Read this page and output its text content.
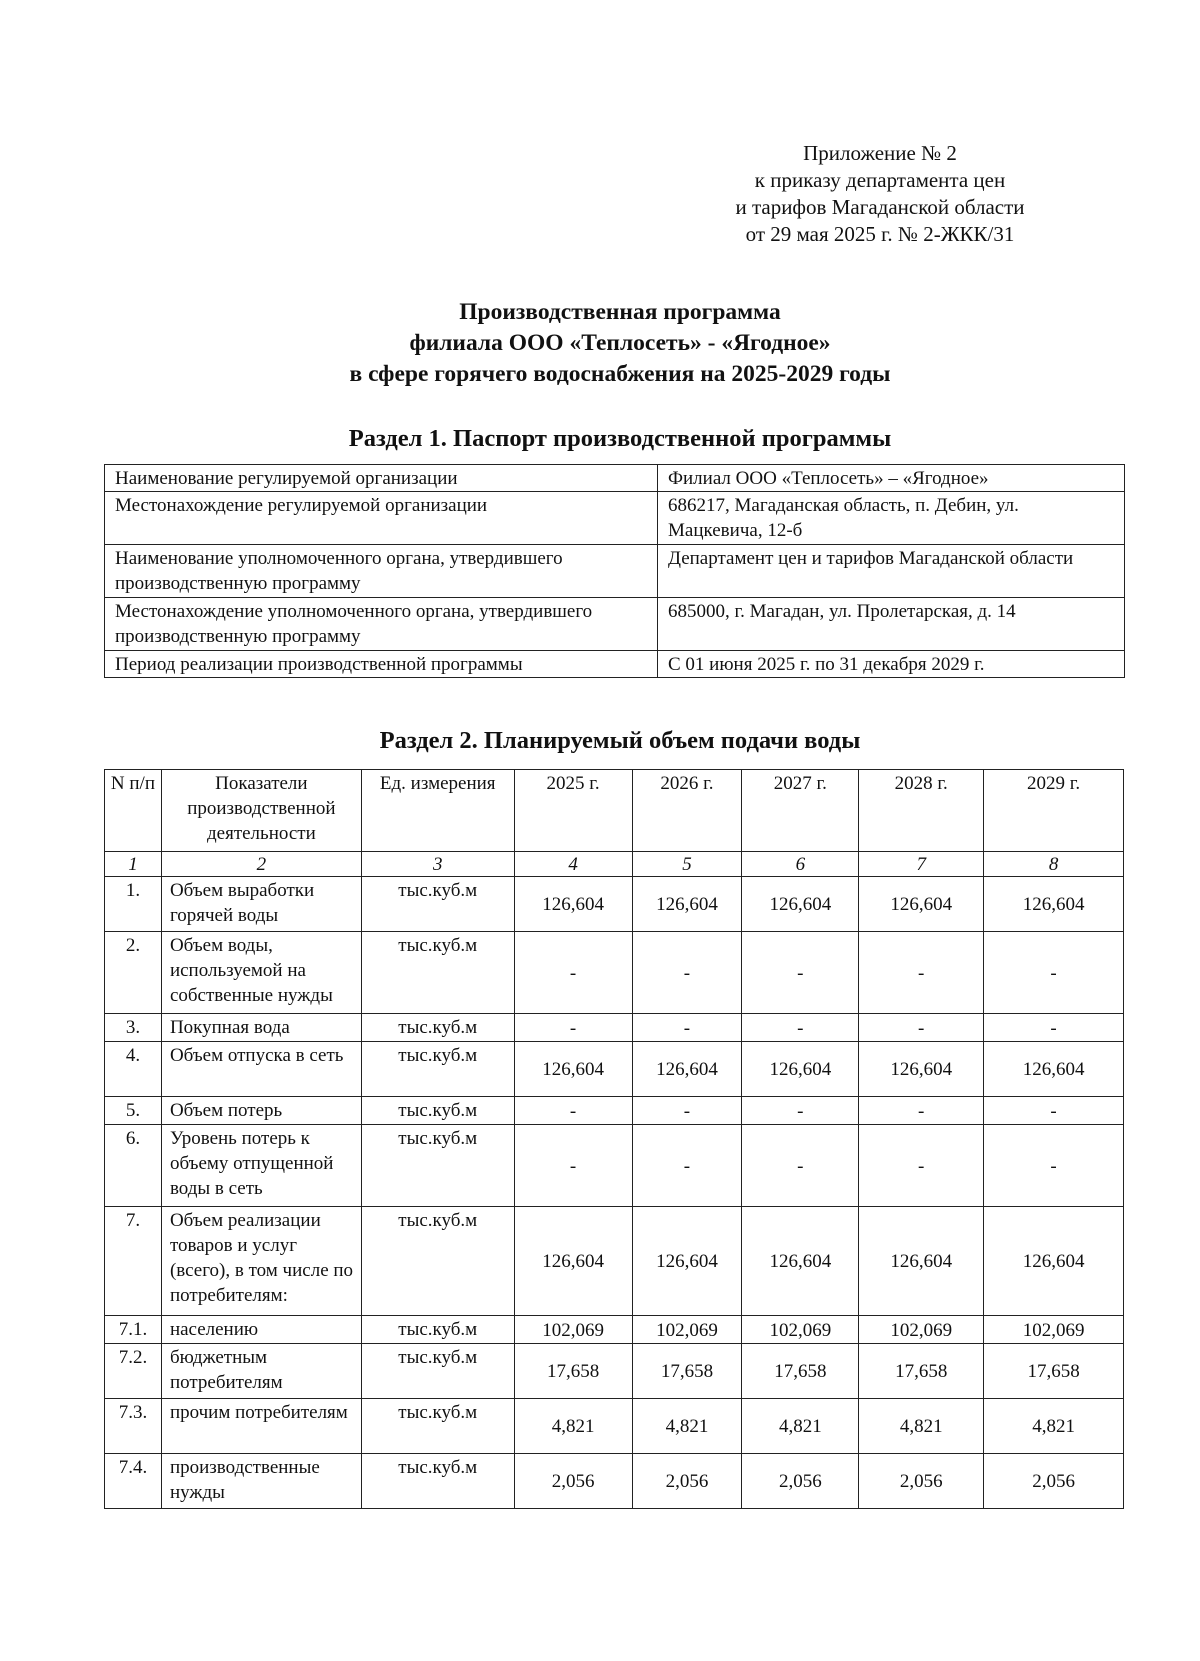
Приложение № 2
к приказу департамента цен
и тарифов Магаданской области
от 29 мая 2025 г. № 2-ЖКК/31
Производственная программа
филиала ООО «Теплосеть» - «Ягодное»
в сфере горячего водоснабжения на 2025-2029 годы
Раздел 1. Паспорт производственной программы
Наименование регулируемой организации	Филиал ООО «Теплосеть» – «Ягодное»
Местонахождение регулируемой организации	686217, Магаданская область, п. Дебин, ул. Мацкевича, 12-б
Наименование уполномоченного органа, утвердившего производственную программу	Департамент цен и тарифов Магаданской области
Местонахождение уполномоченного органа, утвердившего производственную программу	685000, г. Магадан, ул. Пролетарская, д. 14
Период реализации производственной программы	С 01 июня 2025 г. по 31 декабря 2029 г.
Раздел 2. Планируемый объем подачи воды
N п/п	Показатели производственной деятельности	Ед. измерения	2025 г.	2026 г.	2027 г.	2028 г.	2029 г.
1	2	3	4	5	6	7	8
1.	Объем выработки горячей воды	тыс.куб.м	126,604	126,604	126,604	126,604	126,604
2.	Объем воды, используемой на собственные нужды	тыс.куб.м	-	-	-	-	-
3.	Покупная вода	тыс.куб.м	-	-	-	-	-
4.	Объем отпуска в сеть	тыс.куб.м	126,604	126,604	126,604	126,604	126,604
5.	Объем потерь	тыс.куб.м	-	-	-	-	-
6.	Уровень потерь к объему отпущенной воды в сеть	тыс.куб.м	-	-	-	-	-
7.	Объем реализации товаров и услуг (всего), в том числе по потребителям:	тыс.куб.м	126,604	126,604	126,604	126,604	126,604
7.1.	населению	тыс.куб.м	102,069	102,069	102,069	102,069	102,069
7.2.	бюджетным потребителям	тыс.куб.м	17,658	17,658	17,658	17,658	17,658
7.3.	прочим потребителям	тыс.куб.м	4,821	4,821	4,821	4,821	4,821
7.4.	производственные нужды	тыс.куб.м	2,056	2,056	2,056	2,056	2,056
